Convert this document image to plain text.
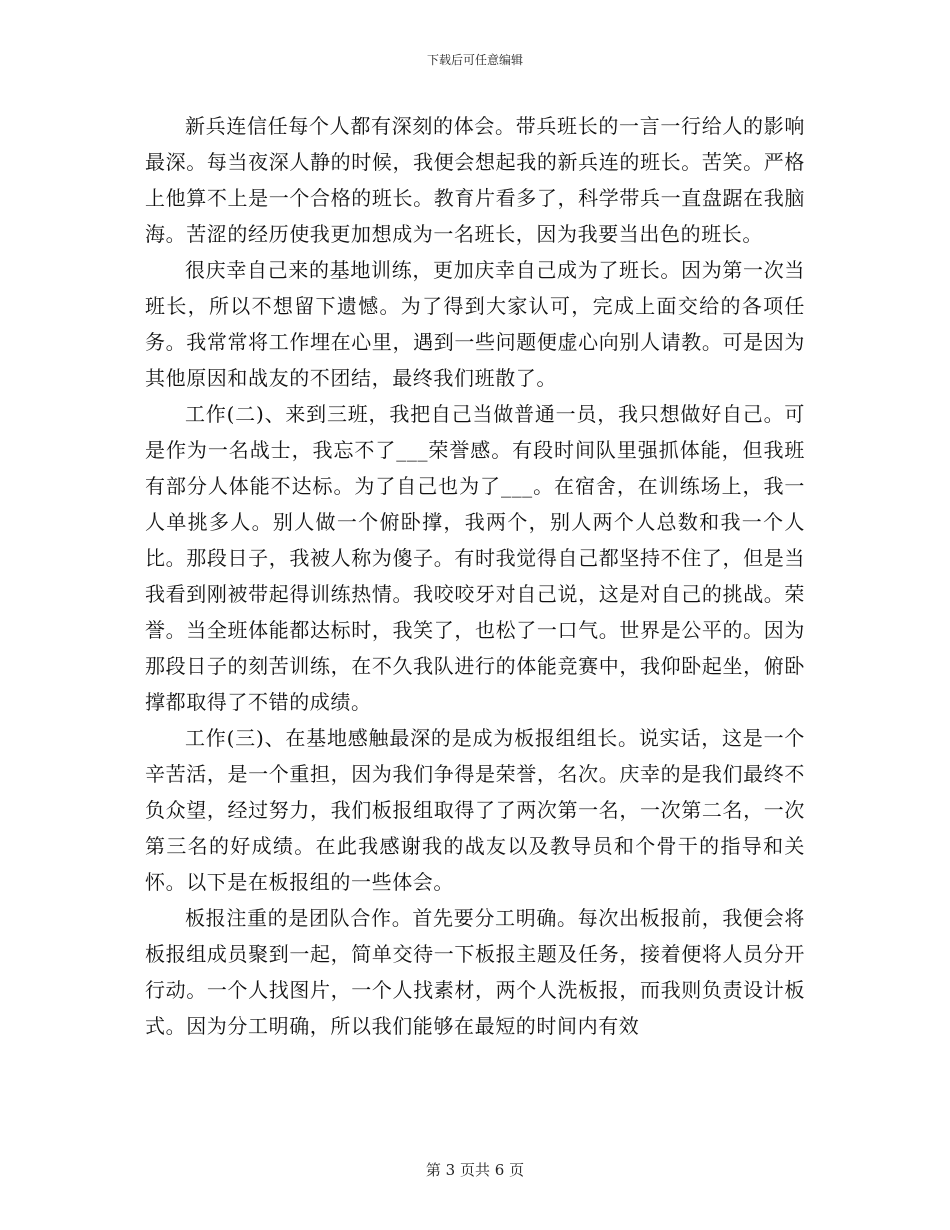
下载后可任意编辑

新兵连信任每个人都有深刻的体会。带兵班长的一言一行给人的影响最深。每当夜深人静的时候，我便会想起我的新兵连的班长。苦笑。严格上他算不上是一个合格的班长。教育片看多了，科学带兵一直盘踞在我脑海。苦涩的经历使我更加想成为一名班长，因为我要当出色的班长。

很庆幸自己来的基地训练，更加庆幸自己成为了班长。因为第一次当班长，所以不想留下遗憾。为了得到大家认可，完成上面交给的各项任务。我常常将工作埋在心里，遇到一些问题便虚心向别人请教。可是因为其他原因和战友的不团结，最终我们班散了。

工作(二)、来到三班，我把自己当做普通一员，我只想做好自己。可是作为一名战士，我忘不了___荣誉感。有段时间队里强抓体能，但我班有部分人体能不达标。为了自己也为了___。在宿舍，在训练场上，我一人单挑多人。别人做一个俯卧撑，我两个，别人两个人总数和我一个人比。那段日子，我被人称为傻子。有时我觉得自己都坚持不住了，但是当我看到刚被带起得训练热情。我咬咬牙对自己说，这是对自己的挑战。荣誉。当全班体能都达标时，我笑了，也松了一口气。世界是公平的。因为那段日子的刻苦训练，在不久我队进行的体能竞赛中，我仰卧起坐，俯卧撑都取得了不错的成绩。

工作(三)、在基地感触最深的是成为板报组组长。说实话，这是一个辛苦活，是一个重担，因为我们争得是荣誉，名次。庆幸的是我们最终不负众望，经过努力，我们板报组取得了了两次第一名，一次第二名，一次第三名的好成绩。在此我感谢我的战友以及教导员和个骨干的指导和关怀。以下是在板报组的一些体会。

板报注重的是团队合作。首先要分工明确。每次出板报前，我便会将板报组成员聚到一起，简单交待一下板报主题及任务，接着便将人员分开行动。一个人找图片，一个人找素材，两个人洗板报，而我则负责设计板式。因为分工明确，所以我们能够在最短的时间内有效

第 3 页共 6 页
